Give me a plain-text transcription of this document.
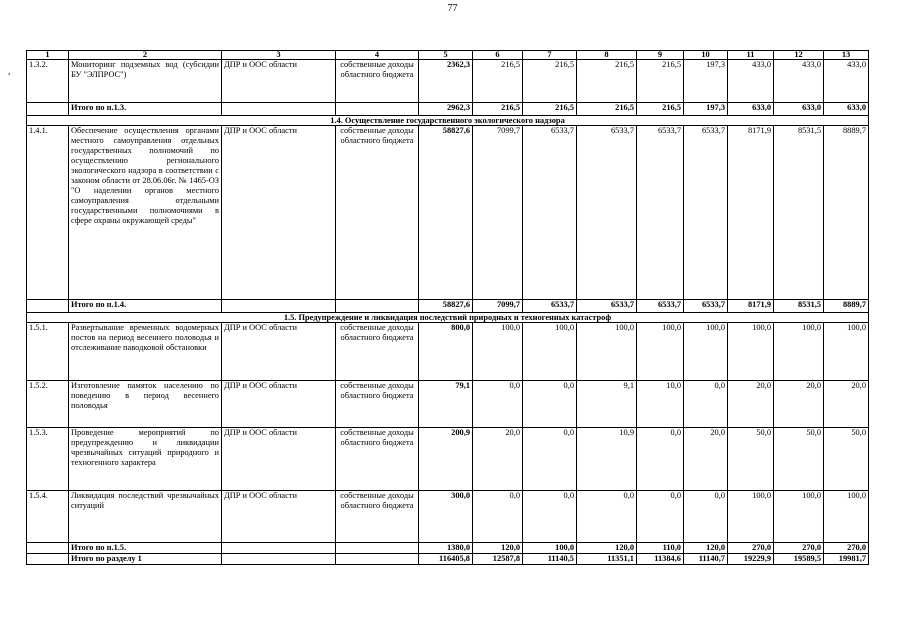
77
,
1	2	3	4	5	6	7	8	9	10	11	12	13
1.3.2.	Мониторинг подземных вод (субсидии БУ "ЭЛПРОС")	ДПР и ООС области	собственные доходы областного бюджета	2362,3	216,5	216,5	216,5	216,5	197,3	433,0	433,0	433,0
	Итого по п.1.3.			2962,3	216,5	216,5	216,5	216,5	197,3	633,0	633,0	633,0
1.4. Осуществление государственного экологического надзора												
1.4.1.	Обеспечение осуществления органами местного самоуправления отдельных государственных полномочий по осуществлению регионального экологического надзора в соответствии с законом области от 28.06.06г. № 1465-ОЗ "О наделении органов местного самоуправления отдельными государственными полномочиями в сфере охраны окружающей среды"	ДПР и ООС области	собственные доходы областного бюджета	58827,6	7099,7	6533,7	6533,7	6533,7	6533,7	8171,9	8531,5	8889,7
	Итого по п.1.4.			58827,6	7099,7	6533,7	6533,7	6533,7	6533,7	8171,9	8531,5	8889,7
1.5. Предупреждение и ликвидация последствий природных и техногенных катастроф												
1.5.1.	Развертывание временных водомерных постов на период весеннего половодья и отслеживание паводковой обстановки	ДПР и ООС области	собственные доходы областного бюджета	800,0	100,0	100,0	100,0	100,0	100,0	100,0	100,0	100,0
1.5.2.	Изготовление памяток населению по поведению в период весеннего половодья	ДПР и ООС области	собственные доходы областного бюджета	79,1	0,0	0,0	9,1	10,0	0,0	20,0	20,0	20,0
1.5.3.	Проведение мероприятий по предупреждению и ликвидации чрезвычайных ситуаций природного и техногенного характера	ДПР и ООС области	собственные доходы областного бюджета	200,9	20,0	0,0	10,9	0,0	20,0	50,0	50,0	50,0
1.5.4.	Ликвидация последствий чрезвычайных ситуаций	ДПР и ООС области	собственные доходы областного бюджета	300,0	0,0	0,0	0,0	0,0	0,0	100,0	100,0	100,0
	Итого по п.1.5.			1380,0	120,0	100,0	120,0	110,0	120,0	270,0	270,0	270,0
	Итого по разделу 1			116405,8	12587,8	11140,5	11351,1	11384,6	11140,7	19229,9	19589,5	19981,7
